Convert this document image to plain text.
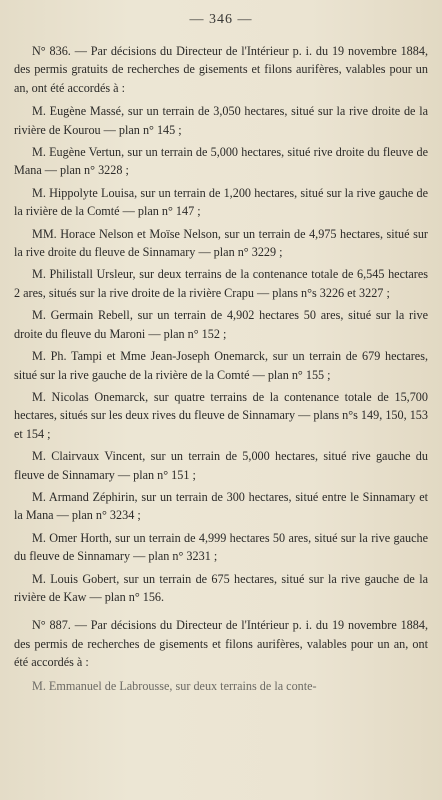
— 346 —

N° 836. — Par décisions du Directeur de l'Intérieur p. i. du 19 novembre 1884, des permis gratuits de recherches de gisements et filons aurifères, valables pour un an, ont été accordés à :

M. Eugène Massé, sur un terrain de 3,050 hectares, situé sur la rive droite de la rivière de Kourou — plan n° 145 ;

M. Eugène Vertun, sur un terrain de 5,000 hectares, situé rive droite du fleuve de Mana — plan n° 3228 ;

M. Hippolyte Louisa, sur un terrain de 1,200 hectares, situé sur la rive gauche de la rivière de la Comté — plan n° 147 ;

MM. Horace Nelson et Moïse Nelson, sur un terrain de 4,975 hectares, situé sur la rive droite du fleuve de Sinnamary — plan n° 3229 ;

M. Philistall Ursleur, sur deux terrains de la contenance totale de 6,545 hectares 2 ares, situés sur la rive droite de la rivière Crapu — plans n°s 3226 et 3227 ;

M. Germain Rebell, sur un terrain de 4,902 hectares 50 ares, situé sur la rive droite du fleuve du Maroni — plan n° 152 ;

M. Ph. Tampi et Mme Jean-Joseph Onemarck, sur un terrain de 679 hectares, situé sur la rive gauche de la rivière de la Comté — plan n° 155 ;

M. Nicolas Onemarck, sur quatre terrains de la contenance totale de 15,700 hectares, situés sur les deux rives du fleuve de Sinnamary — plans n°s 149, 150, 153 et 154 ;

M. Clairvaux Vincent, sur un terrain de 5,000 hectares, situé rive gauche du fleuve de Sinnamary — plan n° 151 ;

M. Armand Zéphirin, sur un terrain de 300 hectares, situé entre le Sinnamary et la Mana — plan n° 3234 ;

M. Omer Horth, sur un terrain de 4,999 hectares 50 ares, situé sur la rive gauche du fleuve de Sinnamary — plan n° 3231 ;

M. Louis Gobert, sur un terrain de 675 hectares, situé sur la rive gauche de la rivière de Kaw — plan n° 156.

N° 887. — Par décisions du Directeur de l'Intérieur p. i. du 19 novembre 1884, des permis de recherches de gisements et filons aurifères, valables pour un an, ont été accordés à :

M. Emmanuel de Labrousse, sur deux terrains de la conte-
